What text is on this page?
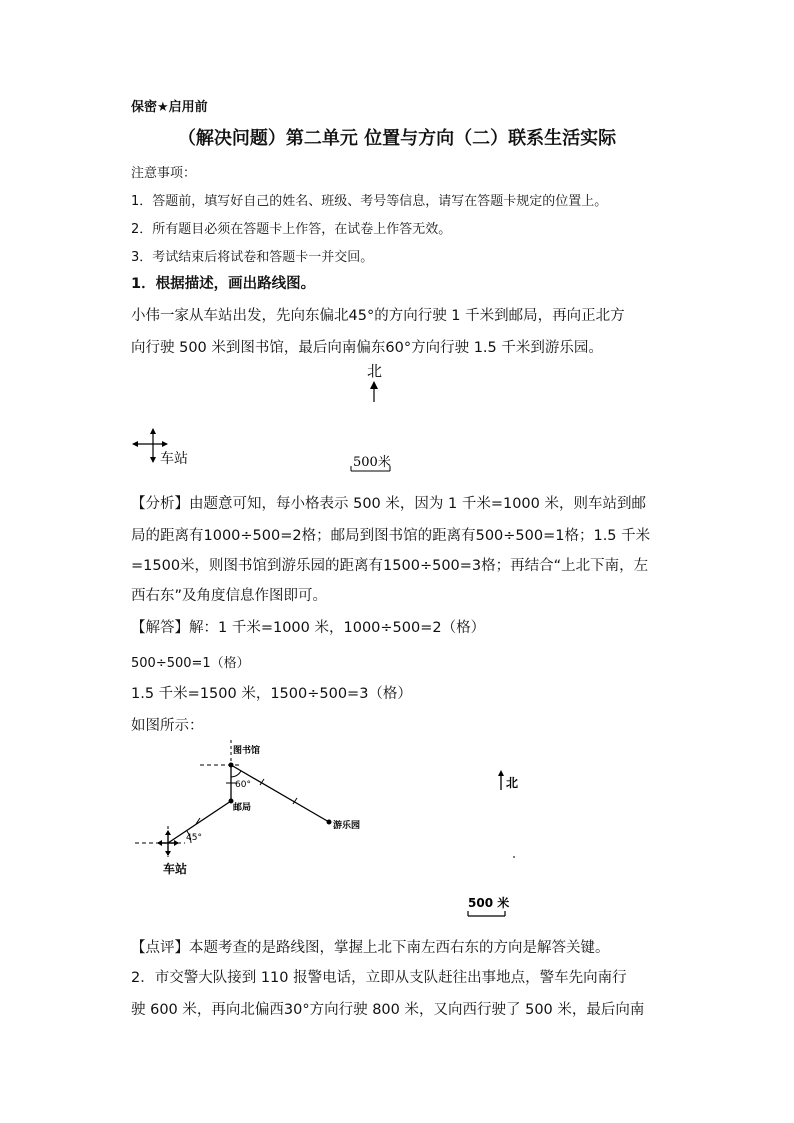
保密★启用前
（解决问题）第二单元 位置与方向（二）联系生活实际
注意事项：
1．答题前，填写好自己的姓名、班级、考号等信息，请写在答题卡规定的位置上。
2．所有题目必须在答题卡上作答，在试卷上作答无效。
3．考试结束后将试卷和答题卡一并交回。
1．根据描述，画出路线图。
小伟一家从车站出发，先向东偏北45°的方向行驶 1 千米到邮局，再向正北方
向行驶 500 米到图书馆，最后向南偏东60°方向行驶 1.5 千米到游乐园。
北
车站	500米
【分析】由题意可知，每小格表示 500 米，因为 1 千米=1000 米，则车站到邮
局的距离有1000÷500=2格；邮局到图书馆的距离有500÷500=1格；1.5 千米
=1500米，则图书馆到游乐园的距离有1500÷500=3格；再结合“上北下南，左
西右东”及角度信息作图即可。
【解答】解：1 千米=1000 米，1000÷500=2（格）
500÷500=1（格）
1.5 千米=1500 米，1500÷500=3（格）
如图所示：
图书馆
60°
邮局
游乐园
45°
车站
北
500 米
【点评】本题考查的是路线图，掌握上北下南左西右东的方向是解答关键。
2．市交警大队接到 110 报警电话，立即从支队赶往出事地点，警车先向南行
驶 600 米，再向北偏西30°方向行驶 800 米，又向西行驶了 500 米，最后向南
